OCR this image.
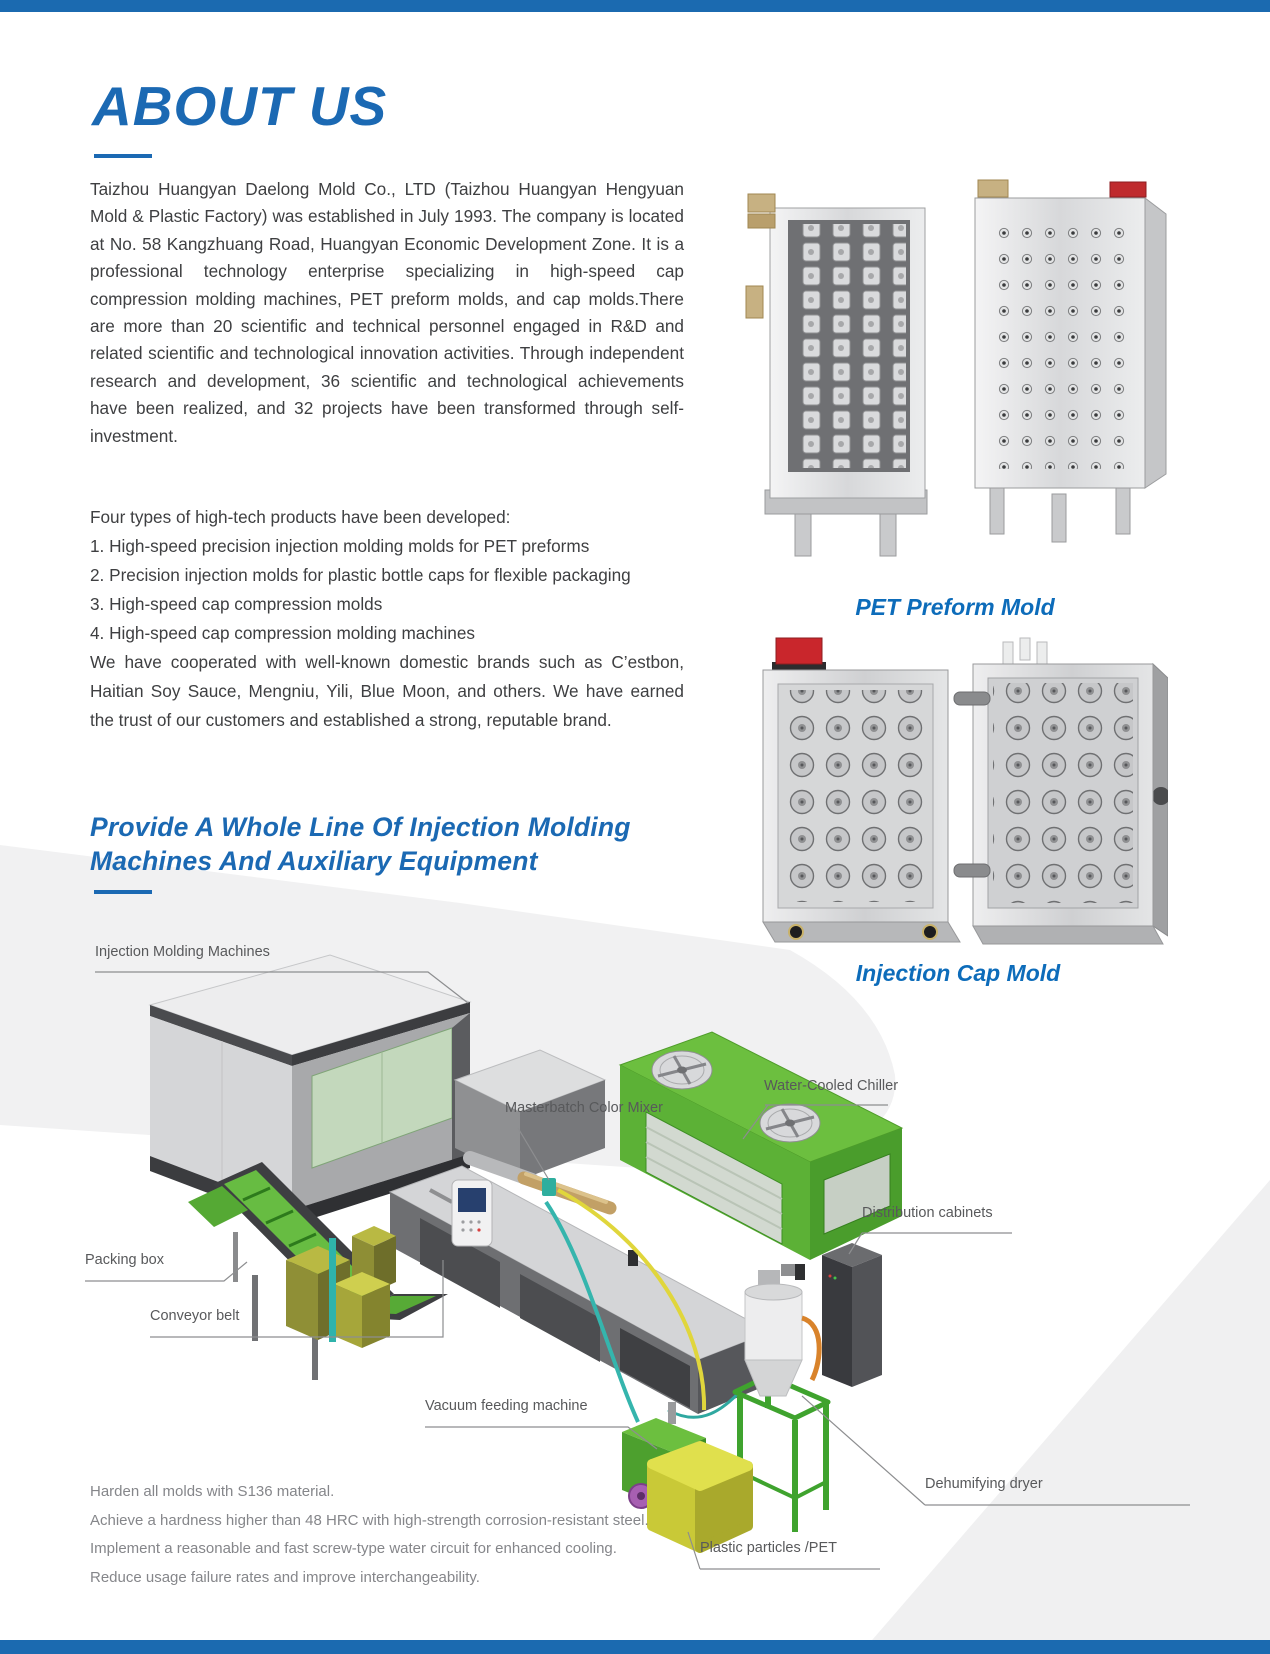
ABOUT US
Taizhou Huangyan Daelong Mold Co., LTD (Taizhou Huangyan Hengyuan Mold & Plastic Factory) was established in July 1993. The company is located at No. 58 Kangzhuang Road, Huangyan Economic Development Zone. It is a professional technology enterprise specializing in high-speed cap compression molding machines, PET preform molds, and cap molds.There are more than 20 scientific and technical personnel engaged in R&D and related scientific and technological innovation activities. Through independent research and development, 36 scientific and technological achievements have been realized, and 32 projects have been transformed through self-investment.
Four types of high-tech products have been developed:
1. High-speed precision injection molding molds for PET preforms
2. Precision injection molds for plastic bottle caps for flexible packaging
3. High-speed cap compression molds
4. High-speed cap compression molding machines
We have cooperated with well-known domestic brands such as C’estbon, Haitian Soy Sauce, Mengniu, Yili, Blue Moon, and others. We have earned the trust of our customers and established a strong, reputable brand.
Provide A Whole Line Of Injection Molding
Machines And Auxiliary Equipment
PET Preform Mold
Injection Cap Mold
Injection Molding Machines
Masterbatch Color Mixer
Water-Cooled Chiller
Distribution cabinets
Packing box
Conveyor belt
Vacuum feeding machine
Dehumifying dryer
Plastic particles /PET
Harden all molds with S136 material.
Achieve a hardness higher than 48 HRC with high-strength corrosion-resistant steel.
Implement a reasonable and fast screw-type water circuit for enhanced cooling.
Reduce usage failure rates and improve interchangeability.
